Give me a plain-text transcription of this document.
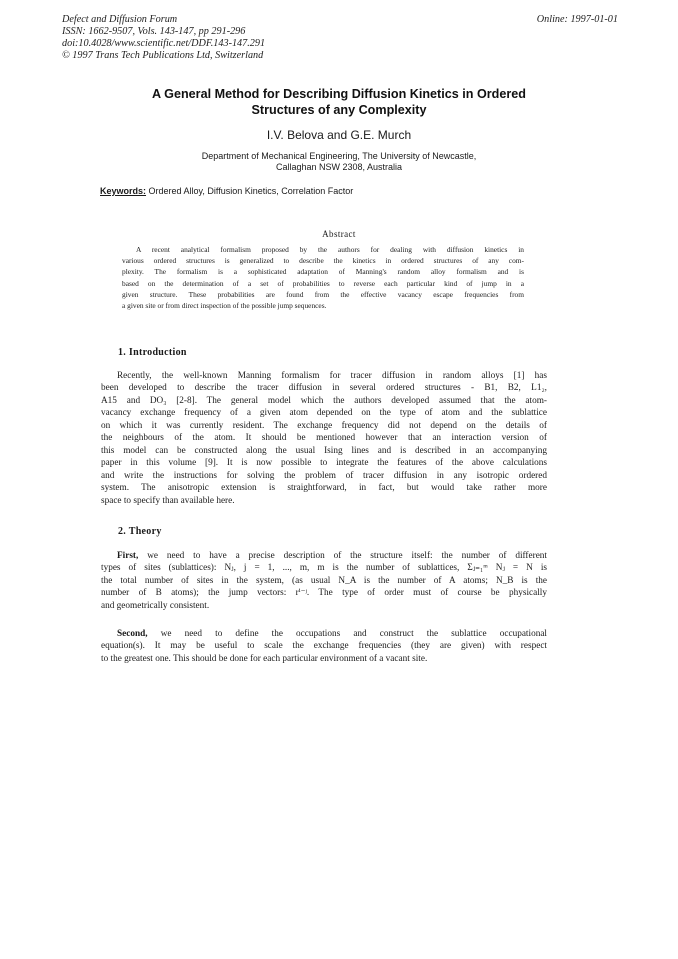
Defect and Diffusion Forum
ISSN: 1662-9507, Vols. 143-147, pp 291-296
doi:10.4028/www.scientific.net/DDF.143-147.291
© 1997 Trans Tech Publications Ltd, Switzerland
Online: 1997-01-01
A General Method for Describing Diffusion Kinetics in Ordered
Structures of any Complexity
I.V. Belova and G.E. Murch
Department of Mechanical Engineering, The University of Newcastle,
Callaghan NSW 2308, Australia
Keywords: Ordered Alloy, Diffusion Kinetics, Correlation Factor
Abstract
A recent analytical formalism proposed by the authors for dealing with diffusion kinetics in
various ordered structures is generalized to describe the kinetics in ordered structures of any com-
plexity. The formalism is a sophisticated adaptation of Manning's random alloy formalism and is
based on the determination of a set of probabilities to reverse each particular kind of jump in a
given structure. These probabilities are found from the effective vacancy escape frequencies from
a given site or from direct inspection of the possible jump sequences.
1. Introduction
Recently, the well-known Manning formalism for tracer diffusion in random alloys [1] has
been developed to describe the tracer diffusion in several ordered structures - B1, B2, L1₂,
A15 and DO₃ [2-8]. The general model which the authors developed assumed that the atom-
vacancy exchange frequency of a given atom depended on the type of atom and the sublattice
on which it was currently resident. The exchange frequency did not depend on the details of
the neighbours of the atom. It should be mentioned however that an interaction version of
this model can be constructed along the usual Ising lines and is described in an accompanying
paper in this volume [9]. It is now possible to integrate the features of the above calculations
and write the instructions for solving the problem of tracer diffusion in any isotropic ordered
system. The anisotropic extension is straightforward, in fact, but would take rather more
space to specify than available here.
2. Theory
First, we need to have a precise description of the structure itself: the number of different
types of sites (sublattices): Nⱼ, j = 1, ..., m, m is the number of sublattices, Σⱼ₌₁ᵐ Nⱼ = N is
the total number of sites in the system, (as usual N_A is the number of A atoms; N_B is the
number of B atoms); the jump vectors: rⁱ⁻ʲ. The type of order must of course be physically
and geometrically consistent.
Second, we need to define the occupations and construct the sublattice occupational
equation(s). It may be useful to scale the exchange frequencies (they are given) with respect
to the greatest one. This should be done for each particular environment of a vacant site.
